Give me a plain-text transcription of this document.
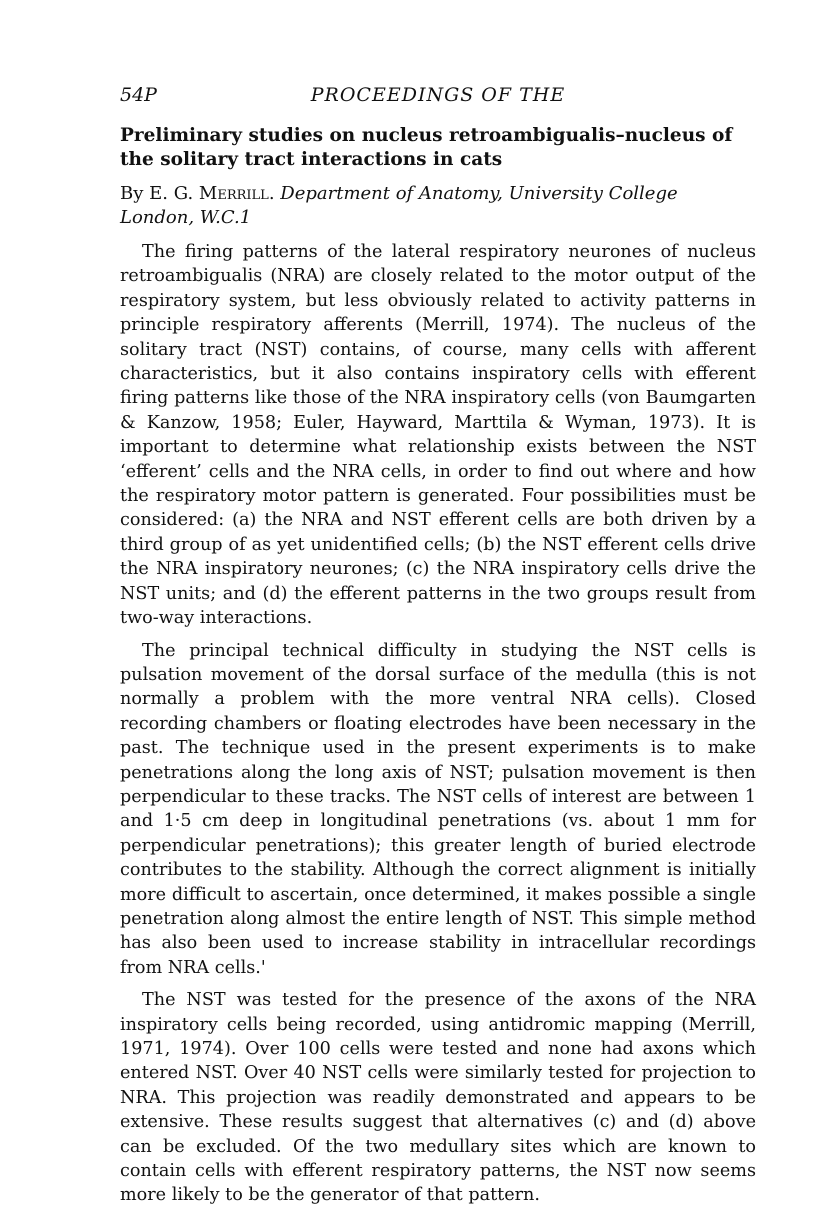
54P	PROCEEDINGS OF THE
Preliminary studies on nucleus retroambigualis–nucleus of the solitary tract interactions in cats
By E. G. Merrill. Department of Anatomy, University College London, W.C.1

The firing patterns of the lateral respiratory neurones of nucleus retroambigualis (NRA) are closely related to the motor output of the respiratory system, but less obviously related to activity patterns in principle respiratory afferents (Merrill, 1974). The nucleus of the solitary tract (NST) contains, of course, many cells with afferent characteristics, but it also contains inspiratory cells with efferent firing patterns like those of the NRA inspiratory cells (von Baumgarten & Kanzow, 1958; Euler, Hayward, Marttila & Wyman, 1973). It is important to determine what relationship exists between the NST ‘efferent’ cells and the NRA cells, in order to find out where and how the respiratory motor pattern is generated. Four possibilities must be considered: (a) the NRA and NST efferent cells are both driven by a third group of as yet unidentified cells; (b) the NST efferent cells drive the NRA inspiratory neurones; (c) the NRA inspiratory cells drive the NST units; and (d) the efferent patterns in the two groups result from two-way interactions.

The principal technical difficulty in studying the NST cells is pulsation movement of the dorsal surface of the medulla (this is not normally a problem with the more ventral NRA cells). Closed recording chambers or floating electrodes have been necessary in the past. The technique used in the present experiments is to make penetrations along the long axis of NST; pulsation movement is then perpendicular to these tracks. The NST cells of interest are between 1 and 1·5 cm deep in longitudinal penetrations (vs. about 1 mm for perpendicular penetrations); this greater length of buried electrode contributes to the stability. Although the correct alignment is initially more difficult to ascertain, once determined, it makes possible a single penetration along almost the entire length of NST. This simple method has also been used to increase stability in intracellular recordings from NRA cells.'

The NST was tested for the presence of the axons of the NRA inspiratory cells being recorded, using antidromic mapping (Merrill, 1971, 1974). Over 100 cells were tested and none had axons which entered NST. Over 40 NST cells were similarly tested for projection to NRA. This projection was readily demonstrated and appears to be extensive. These results suggest that alternatives (c) and (d) above can be excluded. Of the two medullary sites which are known to contain cells with efferent respiratory patterns, the NST now seems more likely to be the generator of that pattern.
